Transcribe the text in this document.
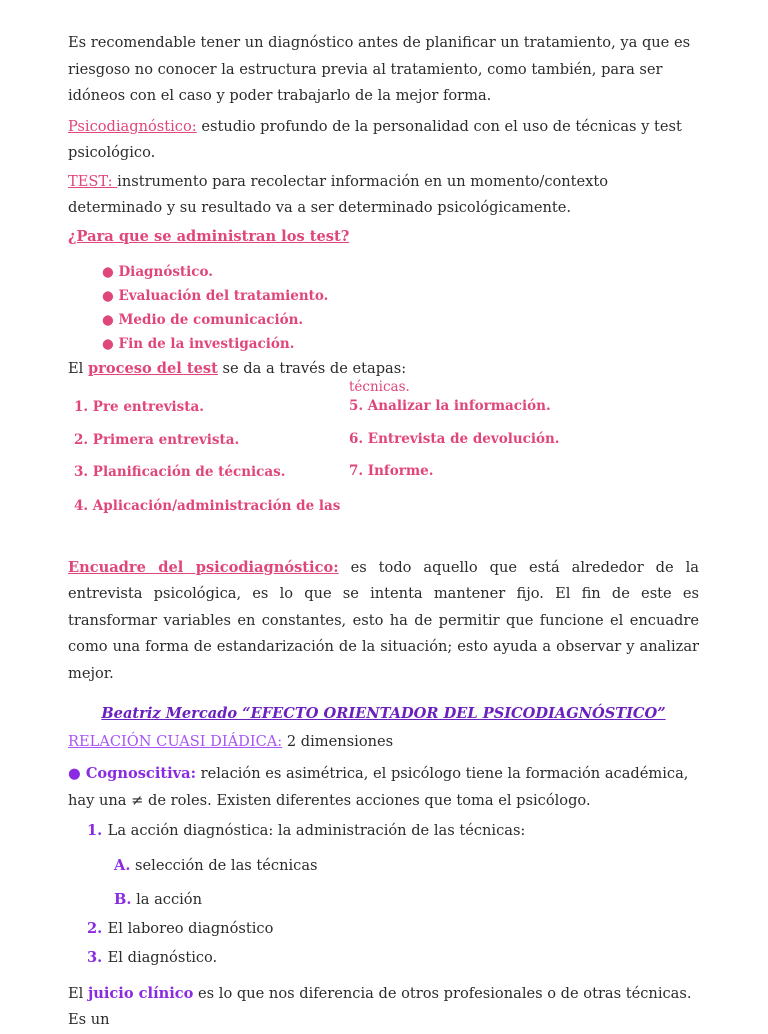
Es recomendable tener un diagnóstico antes de planificar un tratamiento, ya que es riesgoso no conocer la estructura previa al tratamiento, como también, para ser idóneos con el caso y poder trabajarlo de la mejor forma.

Psicodiagnóstico: estudio profundo de la personalidad con el uso de técnicas y test psicológico.

TEST: instrumento para recolectar información en un momento/contexto determinado y su resultado va a ser determinado psicológicamente.

¿Para que se administran los test?

● Diagnóstico.
● Evaluación del tratamiento.
● Medio de comunicación.
● Fin de la investigación.

El proceso del test se da a través de etapas:

técnicas.
1. Pre entrevista.
2. Primera entrevista.
3. Planificación de técnicas.
4. Aplicación/administración de las
5. Analizar la información.
6. Entrevista de devolución.
7. Informe.

Encuadre del psicodiagnóstico: es todo aquello que está alrededor de la entrevista psicológica, es lo que se intenta mantener fijo. El fin de este es transformar variables en constantes, esto ha de permitir que funcione el encuadre como una forma de estandarización de la situación; esto ayuda a observar y analizar mejor.

Beatriz Mercado “EFECTO ORIENTADOR DEL PSICODIAGNÓSTICO”

RELACIÓN CUASI DIÁDICA: 2 dimensiones

● Cognoscitiva: relación es asimétrica, el psicólogo tiene la formación académica, hay una ≠ de roles. Existen diferentes acciones que toma el psicólogo.

1. La acción diagnóstica: la administración de las técnicas:

A. selección de las técnicas

B. la acción

2. El laboreo diagnóstico

3. El diagnóstico.

El juicio clínico es lo que nos diferencia de otros profesionales o de otras técnicas. Es un
